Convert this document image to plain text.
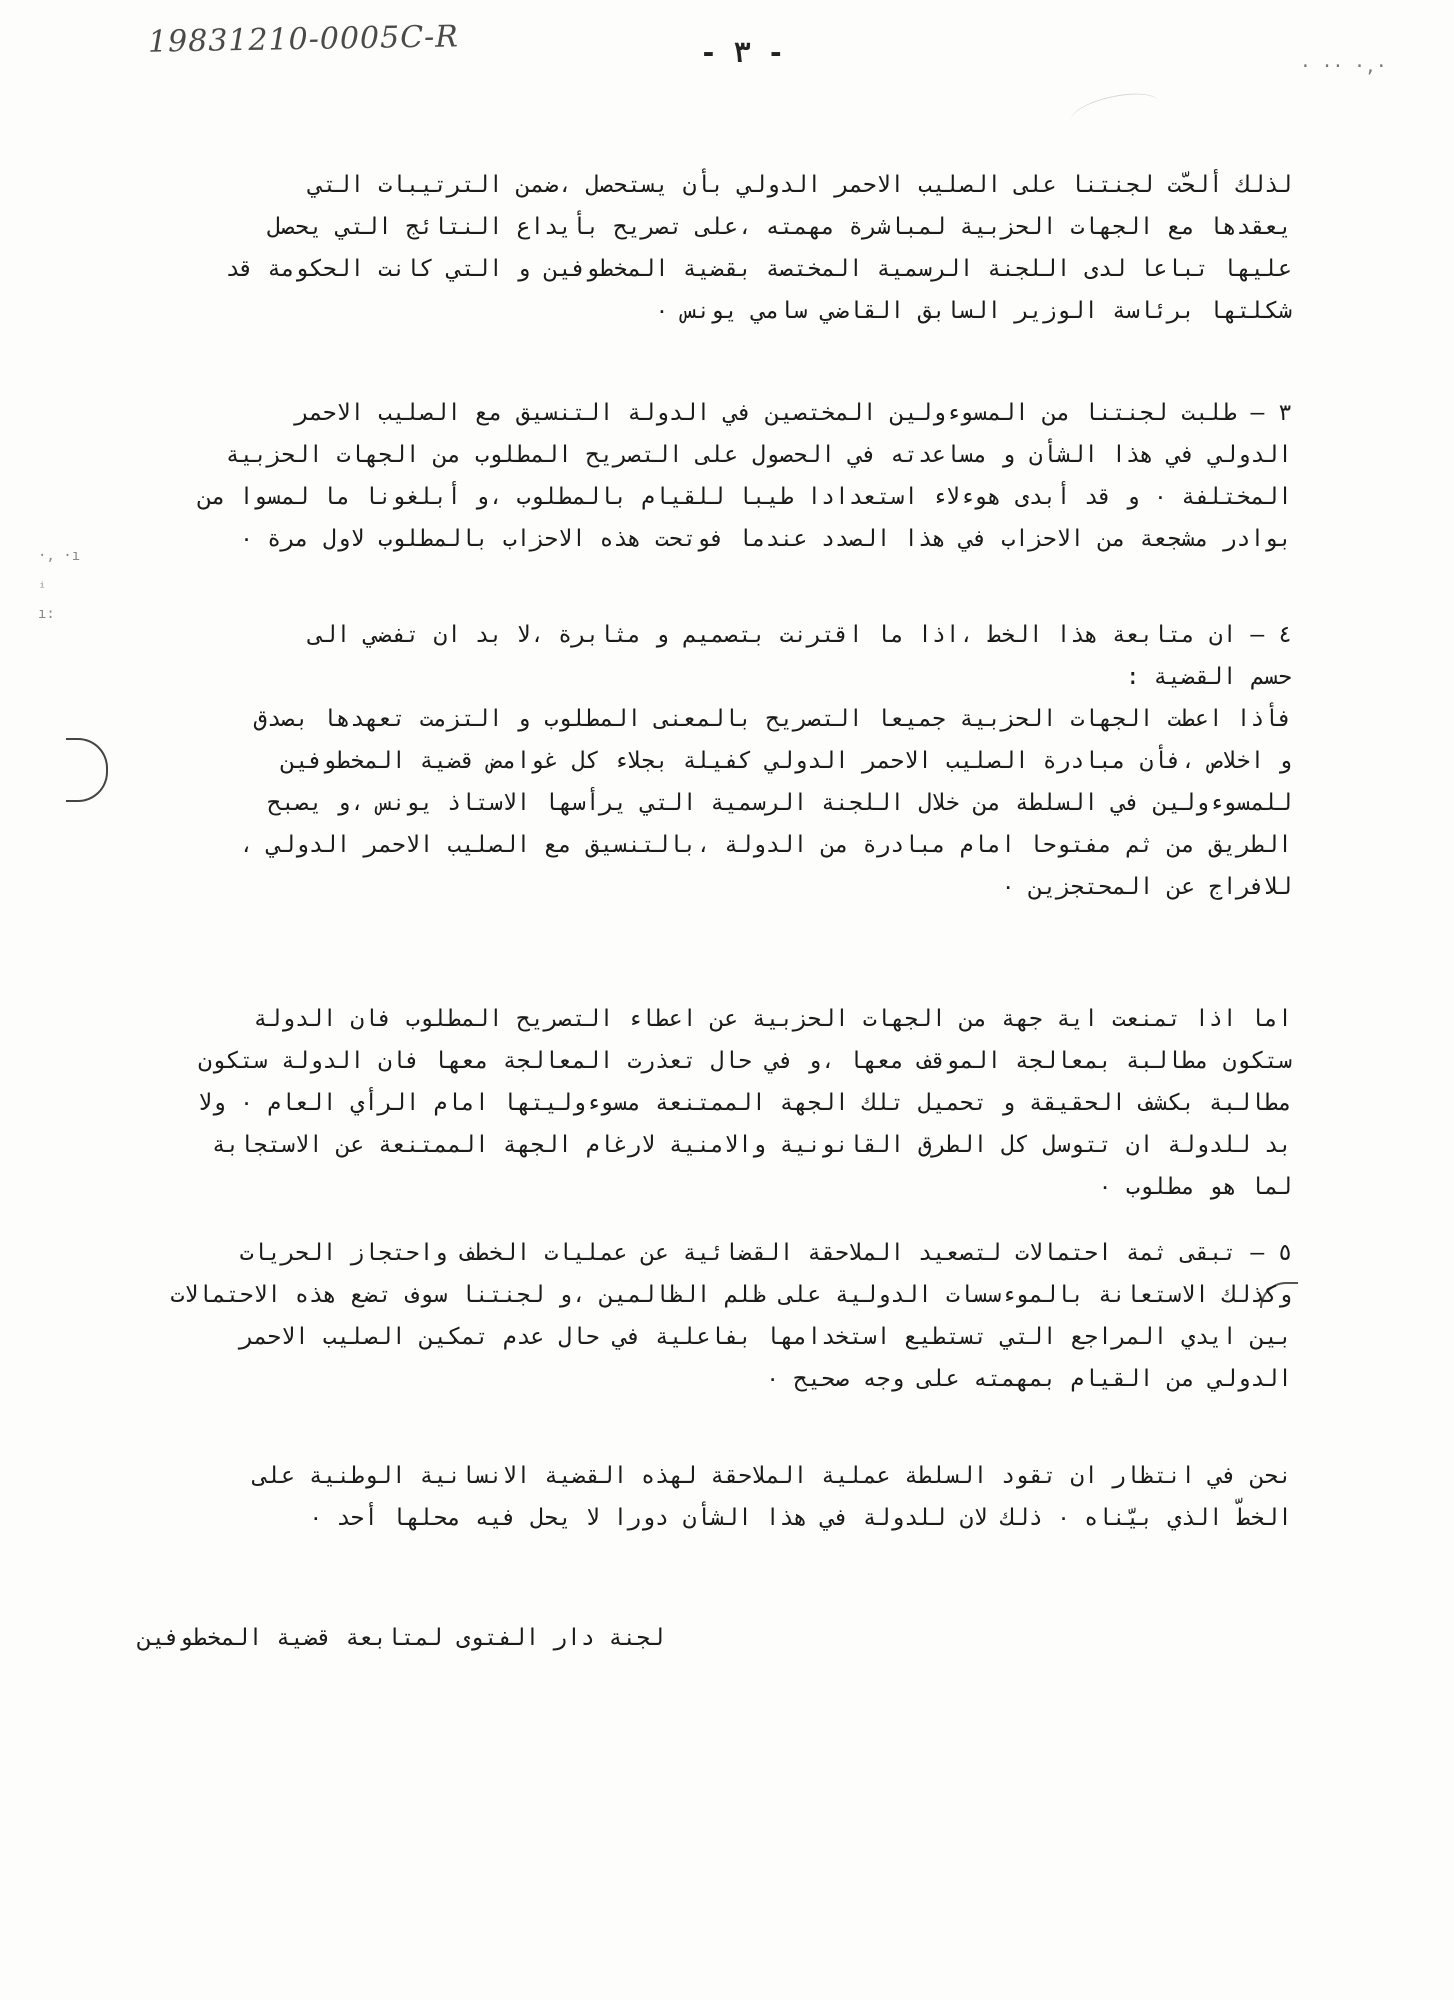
19831210-0005C-R	- ٣ -	· ·· ·,·
·, ·ı
ⁱ
ı:
لذلك ألحّت لجنتنا على الصليب الاحمر الدولي بأن يستحصل ،ضمن الترتيبات التي
يعقدها مع الجهات الحزبية لمباشرة مهمته ،على تصريح بأيداع النتائج التي يحصل
عليها تباعا لدى اللجنة الرسمية المختصة بقضية المخطوفين و التي كانت الحكومة قد
شكلتها برئاسة الوزير السابق القاضي سامي يونس ٠
٣ – طلبت لجنتنا من المسوءولين المختصين في الدولة التنسيق مع الصليب الاحمر
الدولي في هذا الشأن و مساعدته في الحصول على التصريح المطلوب من الجهات الحزبية
المختلفة ٠ و قد أبدى هوءلاء استعدادا طيبا للقيام بالمطلوب ،و أبلغونا ما لمسوا من
بوادر مشجعة من الاحزاب في هذا الصدد عندما فوتحت هذه الاحزاب بالمطلوب لاول مرة ٠
٤ – ان متابعة هذا الخط ،اذا ما اقترنت بتصميم و مثابرة ،لا بد ان تفضي الى
حسم القضية :
فأذا اعطت الجهات الحزبية جميعا التصريح بالمعنى المطلوب و التزمت تعهدها بصدق
و اخلاص ،فأن مبادرة الصليب الاحمر الدولي كفيلة بجلاء كل غوامض قضية المخطوفين
للمسوءولين في السلطة من خلال اللجنة الرسمية التي يرأسها الاستاذ يونس ،و يصبح
الطريق من ثم مفتوحا امام مبادرة من الدولة ،بالتنسيق مع الصليب الاحمر الدولي ،
للافراج عن المحتجزين ٠
اما اذا تمنعت اية جهة من الجهات الحزبية عن اعطاء التصريح المطلوب فان الدولة
ستكون مطالبة بمعالجة الموقف معها ،و في حال تعذرت المعالجة معها فان الدولة ستكون
مطالبة بكشف الحقيقة و تحميل تلك الجهة الممتنعة مسوءوليتها امام الرأي العام ٠ ولا
بد للدولة ان تتوسل كل الطرق القانونية والامنية لارغام الجهة الممتنعة عن الاستجابة
لما هو مطلوب ٠
٥ – تبقى ثمة احتمالات لتصعيد الملاحقة القضائية عن عمليات الخطف واحتجاز الحريات
وكذلك الاستعانة بالموءسسات الدولية على ظلم الظالمين ،و لجنتنا سوف تضع هذه الاحتمالات
بين ايدي المراجع التي تستطيع استخدامها بفاعلية في حال عدم تمكين الصليب الاحمر
الدولي من القيام بمهمته على وجه صحيح ٠
نحن في انتظار ان تقود السلطة عملية الملاحقة لهذه القضية الانسانية الوطنية على
الخطّ الذي بيّناه ٠ ذلك لان للدولة في هذا الشأن دورا لا يحل فيه محلها أحد ٠
لجنة دار الفتوى لمتابعة قضية المخطوفين
